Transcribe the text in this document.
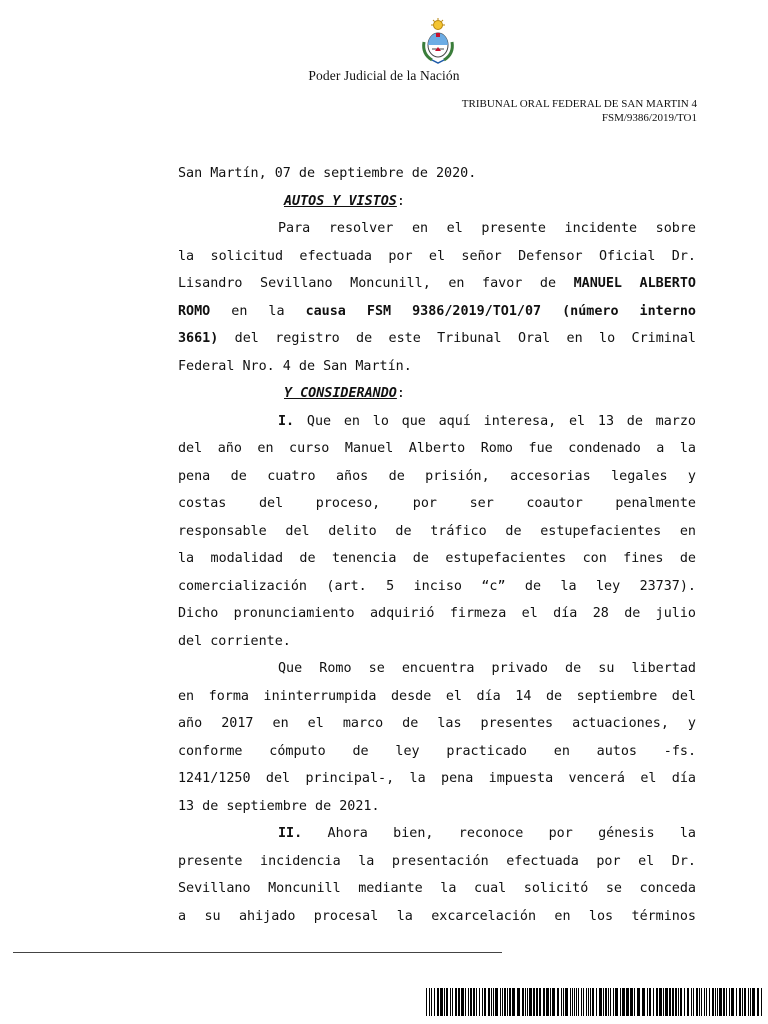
Poder Judicial de la Nación
TRIBUNAL ORAL FEDERAL DE SAN MARTIN 4
FSM/9386/2019/TO1
San Martín, 07 de septiembre de 2020.
AUTOS Y VISTOS:
Para resolver en el presente incidente sobre
la solicitud efectuada por el señor Defensor Oficial Dr.
Lisandro Sevillano Moncunill, en favor de MANUEL ALBERTO
ROMO en la causa FSM 9386/2019/TO1/07 (número interno
3661) del registro de este Tribunal Oral en lo Criminal
Federal Nro. 4 de San Martín.
Y CONSIDERANDO:
I. Que en lo que aquí interesa, el 13 de marzo
del año en curso Manuel Alberto Romo fue condenado a la
pena de cuatro años de prisión, accesorias legales y
costas del proceso, por ser coautor penalmente
responsable del delito de tráfico de estupefacientes en
la modalidad de tenencia de estupefacientes con fines de
comercialización (art. 5 inciso “c” de la ley 23737).
Dicho pronunciamiento adquirió firmeza el día 28 de julio
del corriente.
Que Romo se encuentra privado de su libertad
en forma ininterrumpida desde el día 14 de septiembre del
año 2017 en el marco de las presentes actuaciones, y
conforme cómputo de ley practicado en autos -fs.
1241/1250 del principal-, la pena impuesta vencerá el día
13 de septiembre de 2021.
II. Ahora bien, reconoce por génesis la
presente incidencia la presentación efectuada por el Dr.
Sevillano Moncunill mediante la cual solicitó se conceda
a su ahijado procesal la excarcelación en los términos
